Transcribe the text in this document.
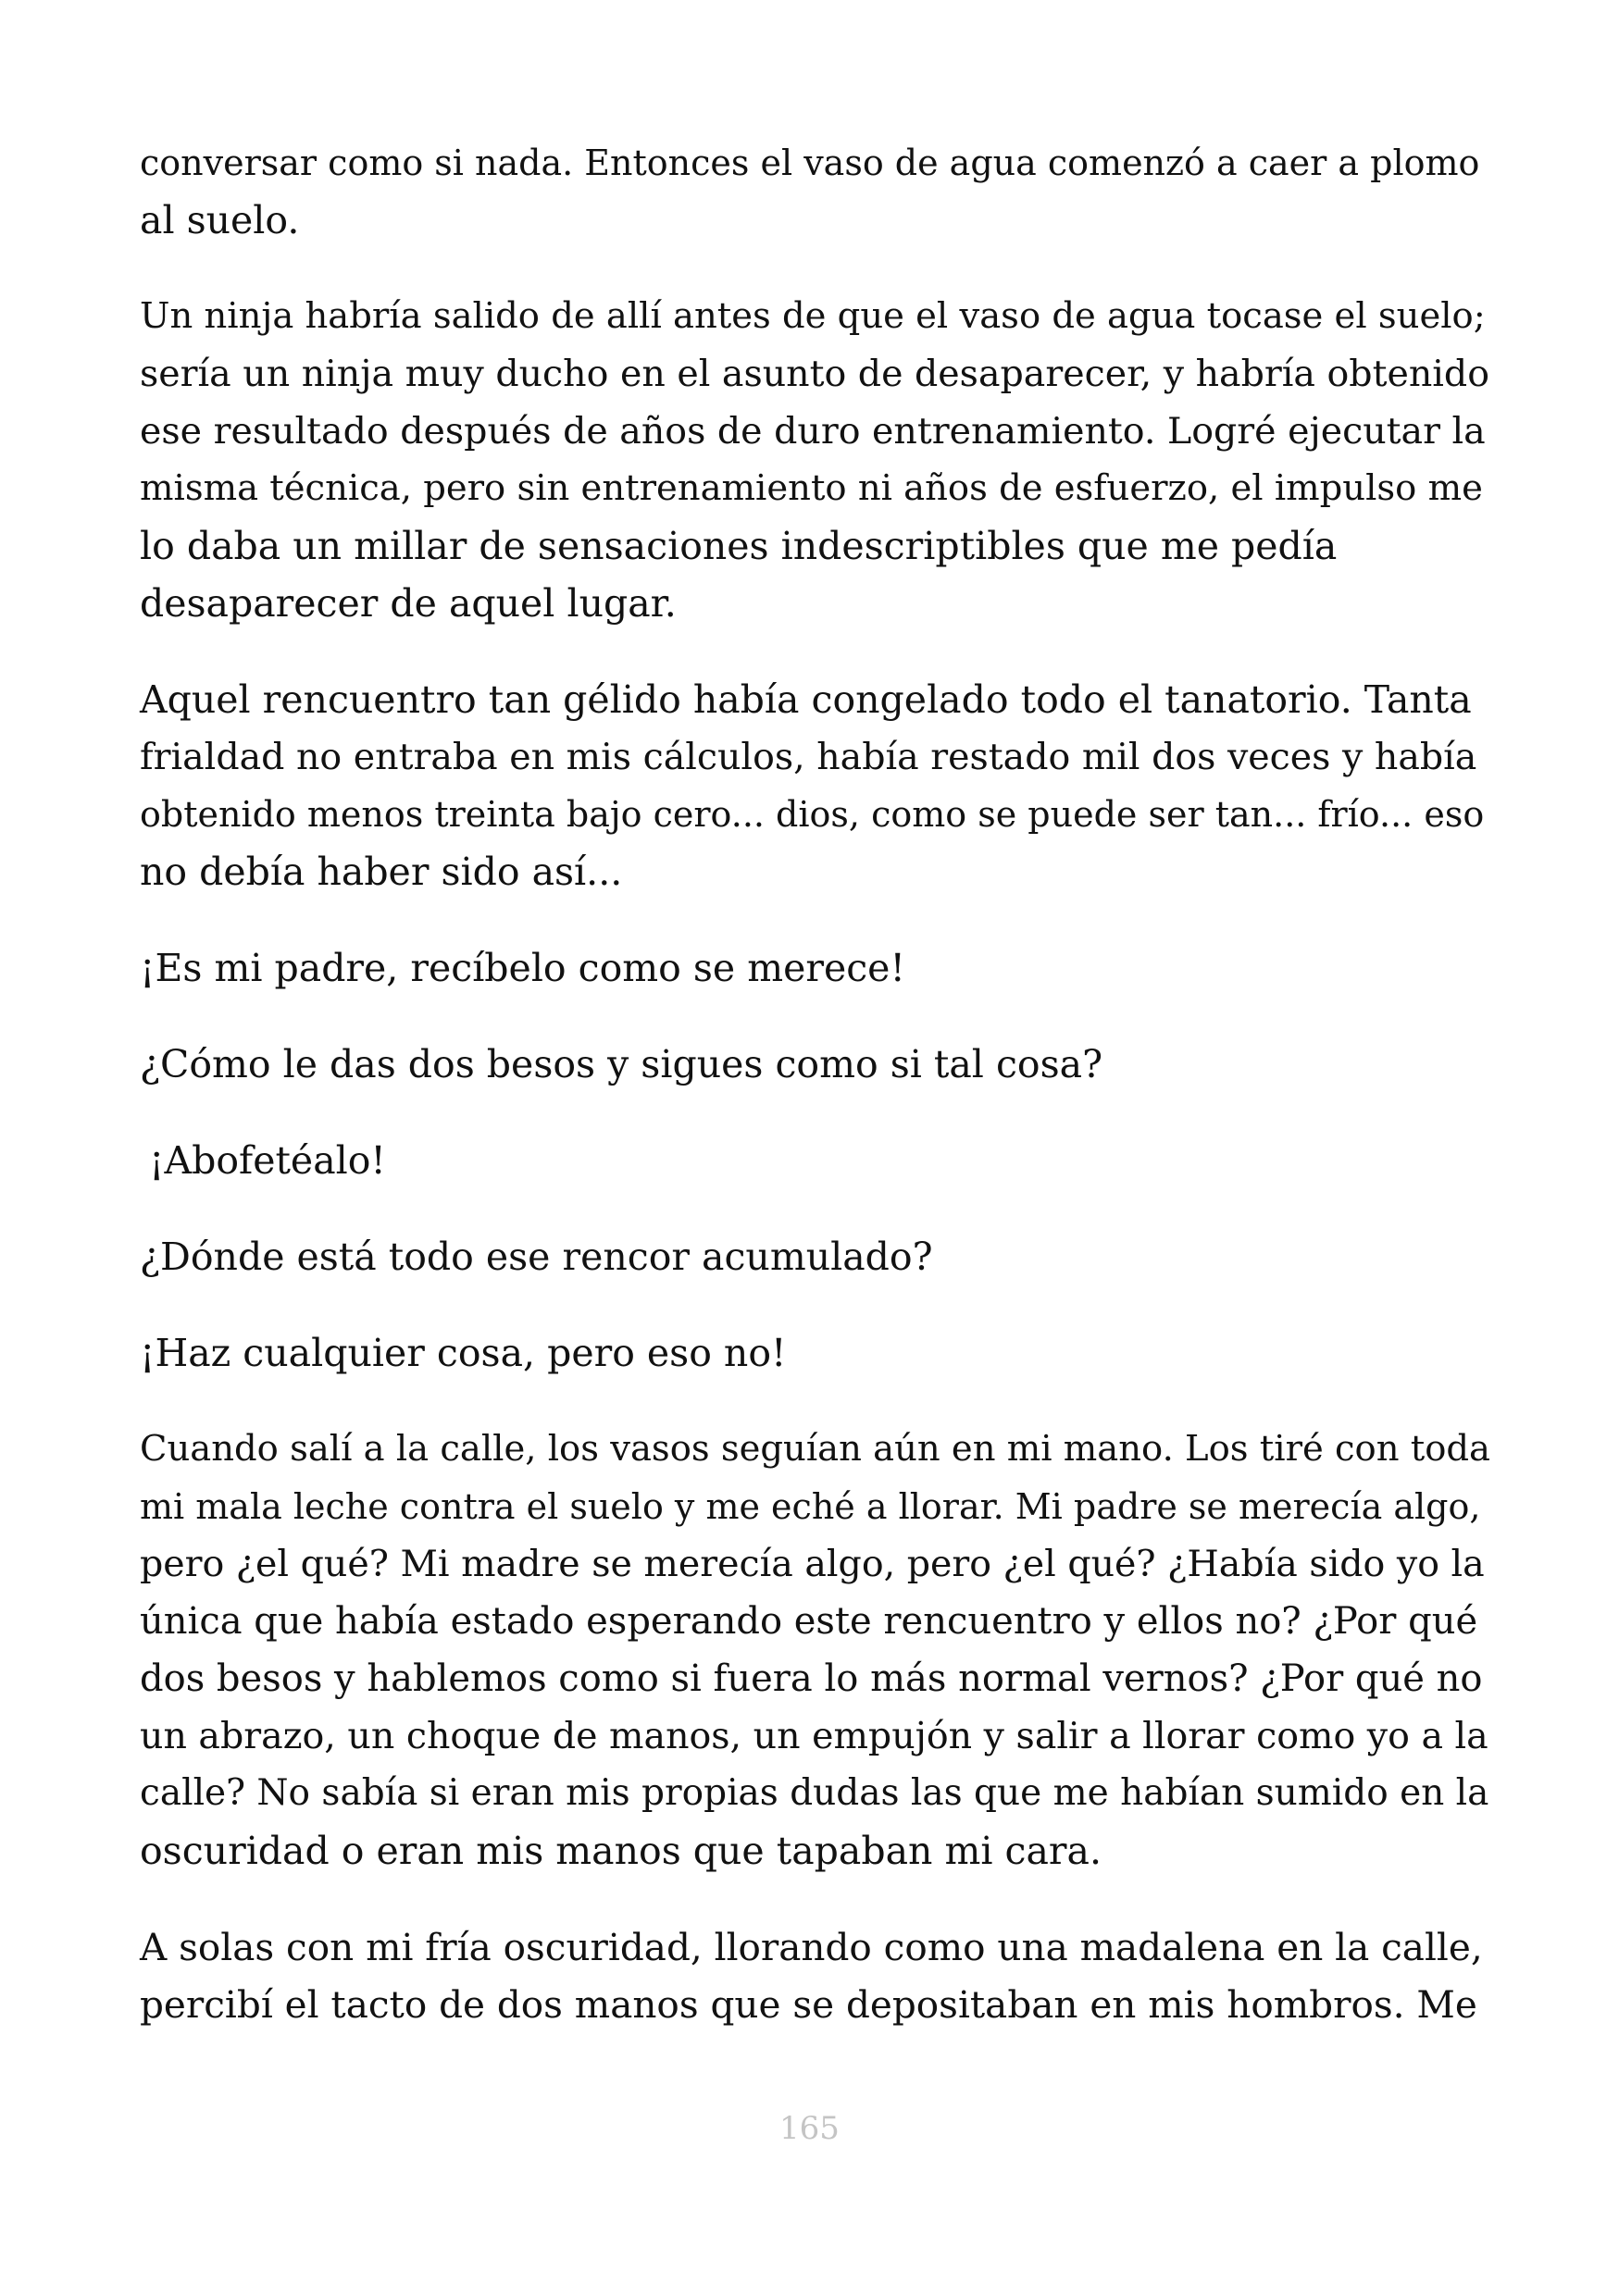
conversar como si nada. Entonces el vaso de agua comenzó a caer a plomo
al suelo.

Un ninja habría salido de allí antes de que el vaso de agua tocase el suelo;
sería un ninja muy ducho en el asunto de desaparecer, y habría obtenido
ese resultado después de años de duro entrenamiento. Logré ejecutar la
misma técnica, pero sin entrenamiento ni años de esfuerzo, el impulso me
lo daba un millar de sensaciones indescriptibles que me pedía
desaparecer de aquel lugar.

Aquel rencuentro tan gélido había congelado todo el tanatorio. Tanta
frialdad no entraba en mis cálculos, había restado mil dos veces y había
obtenido menos treinta bajo cero... dios, como se puede ser tan... frío... eso
no debía haber sido así...

¡Es mi padre, recíbelo como se merece!

¿Cómo le das dos besos y sigues como si tal cosa?

¡Abofetéalo!

¿Dónde está todo ese rencor acumulado?

¡Haz cualquier cosa, pero eso no!

Cuando salí a la calle, los vasos seguían aún en mi mano. Los tiré con toda
mi mala leche contra el suelo y me eché a llorar. Mi padre se merecía algo,
pero ¿el qué? Mi madre se merecía algo, pero ¿el qué? ¿Había sido yo la
única que había estado esperando este rencuentro y ellos no? ¿Por qué
dos besos y hablemos como si fuera lo más normal vernos? ¿Por qué no
un abrazo, un choque de manos, un empujón y salir a llorar como yo a la
calle? No sabía si eran mis propias dudas las que me habían sumido en la
oscuridad o eran mis manos que tapaban mi cara.

A solas con mi fría oscuridad, llorando como una madalena en la calle,
percibí el tacto de dos manos que se depositaban en mis hombros. Me

165
